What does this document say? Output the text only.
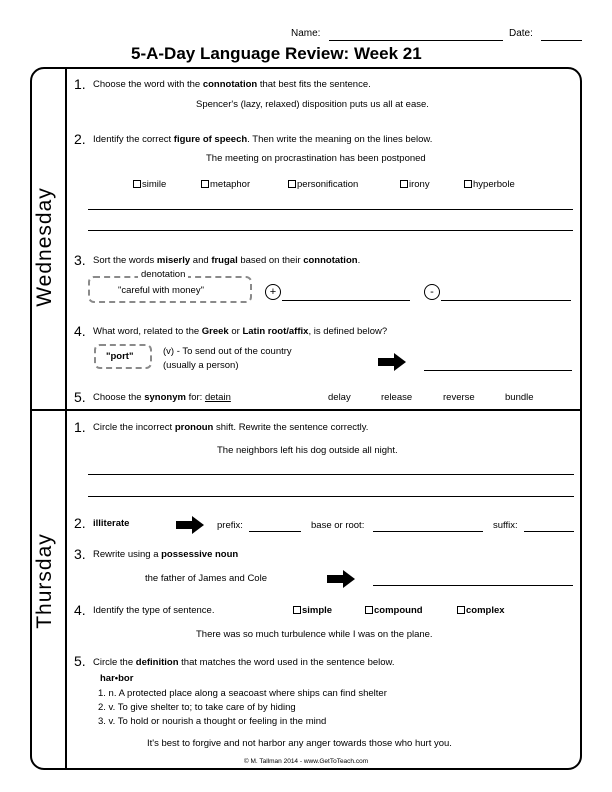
Name:	Date:
5-A-Day Language Review: Week 21
Wednesday
Thursday
1. Choose the word with the connotation that best fits the sentence.
Spencer's (lazy, relaxed) disposition puts us all at ease.
2. Identify the correct figure of speech. Then write the meaning on the lines below.
The meeting on procrastination has been postponed
simile	metaphor	personification	irony	hyperbole
3. Sort the words miserly and frugal based on their connotation.
denotation
"careful with money"	+	-
4. What word, related to the Greek or Latin root/affix, is defined below?
"port"	(v) - To send out of the country
(usually a person)
5. Choose the synonym for: detain	delay	release	reverse	bundle
1. Circle the incorrect pronoun shift. Rewrite the sentence correctly.
The neighbors left his dog outside all night.
2. illiterate	prefix:	base or root:	suffix:
3. Rewrite using a possessive noun
the father of James and Cole
4. Identify the type of sentence.	simple	compound	complex
There was so much turbulence while I was on the plane.
5. Circle the definition that matches the word used in the sentence below.
har•bor
1. n. A protected place along a seacoast where ships can find shelter
2. v. To give shelter to; to take care of by hiding
3. v. To hold or nourish a thought or feeling in the mind
It's best to forgive and not harbor any anger towards those who hurt you.
© M. Tallman 2014 - www.GetToTeach.com
